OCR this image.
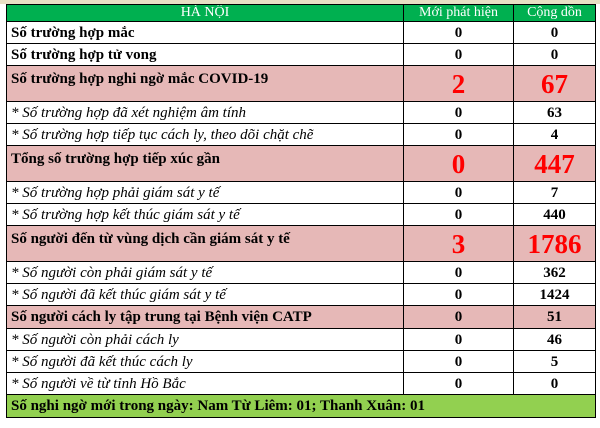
HÀ NỘI	Mới phát hiện	Cộng dồn
Số trường hợp mắc	0	0
Số trường hợp tử vong	0	0
Số trường hợp nghi ngờ mắc COVID-19	2	67
* Số trường hợp đã xét nghiệm âm tính	0	63
* Số trường hợp tiếp tục cách ly, theo dõi chặt chẽ	0	4
Tổng số trường hợp tiếp xúc gần	0	447
* Số trường hợp phải giám sát y tế	0	7
* Số trường hợp kết thúc giám sát y tế	0	440
Số người đến từ vùng dịch cần giám sát y tế	3	1786
* Số người còn phải giám sát y tế	0	362
* Số người đã kết thúc giám sát y tế	0	1424
Số người cách ly tập trung tại Bệnh viện CATP	0	51
* Số người còn phải cách ly	0	46
* Số người đã kết thúc cách ly	0	5
* Số người về từ tỉnh Hồ Bắc	0	0
Số nghi ngờ mới trong ngày: Nam Từ Liêm: 01; Thanh Xuân: 01		
